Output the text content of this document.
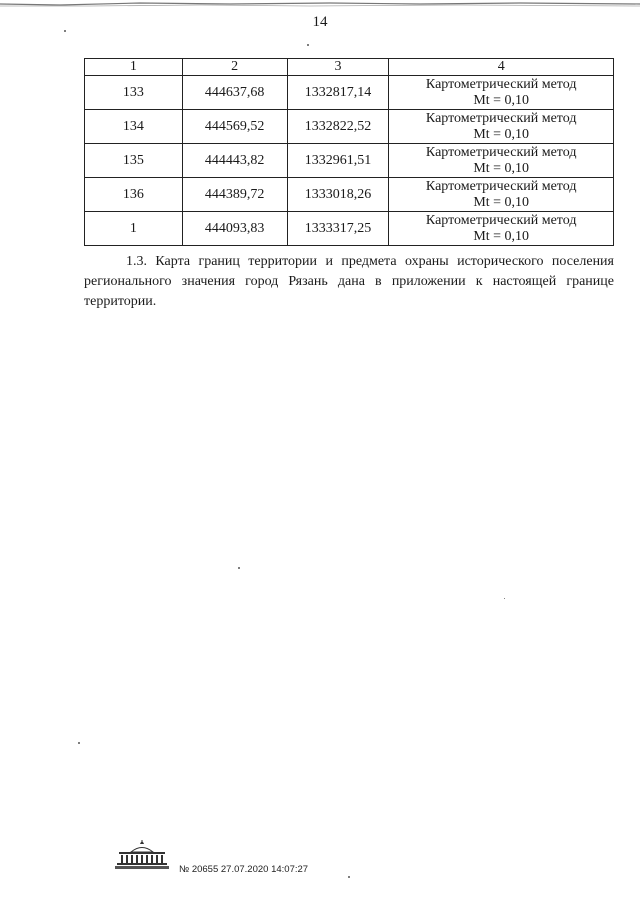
14
1	2	3	4
133	444637,68	1332817,14	Картометрический метод
Mt = 0,10

134	444569,52	1332822,52	Картометрический метод
Mt = 0,10

135	444443,82	1332961,51	Картометрический метод
Mt = 0,10

136	444389,72	1333018,26	Картометрический метод
Mt = 0,10

1	444093,83	1333317,25	Картометрический метод
Mt = 0,10

1.3. Карта границ территории и предмета охраны исторического поселения регионального значения город Рязань дана в приложении к настоящей границе территории.

№ 20655 27.07.2020 14:07:27
